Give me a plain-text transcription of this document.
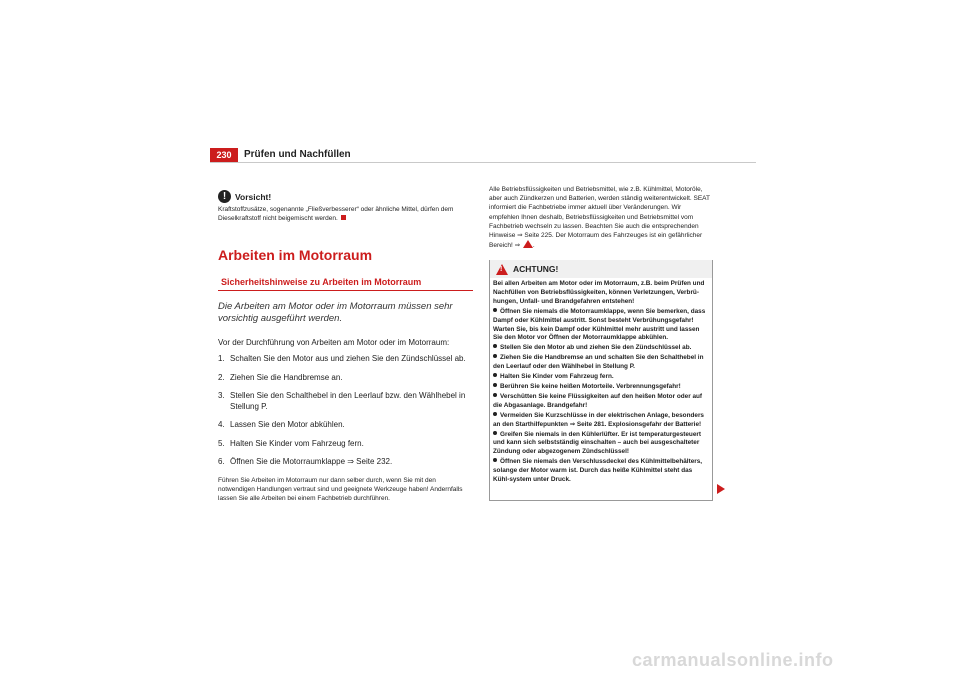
230	Prüfen und Nachfüllen
!	Vorsicht!
Kraftstoffzusätze, sogenannte „Fließverbesserer“ oder ähnliche Mittel, dürfen dem Dieselkraftstoff nicht beigemischt werden.
Arbeiten im Motorraum
Sicherheitshinweise zu Arbeiten im Motorraum
Die Arbeiten am Motor oder im Motorraum müssen sehr vorsichtig ausgeführt werden.
Vor der Durchführung von Arbeiten am Motor oder im Motorraum:
1. Schalten Sie den Motor aus und ziehen Sie den Zündschlüssel ab.
2. Ziehen Sie die Handbremse an.
3. Stellen Sie den Schalthebel in den Leerlauf bzw. den Wählhebel in Stellung P.
4. Lassen Sie den Motor abkühlen.
5. Halten Sie Kinder vom Fahrzeug fern.
6. Öffnen Sie die Motorraumklappe ⇒ Seite 232.
Führen Sie Arbeiten im Motorraum nur dann selber durch, wenn Sie mit den notwendigen Handlungen vertraut sind und geeignete Werkzeuge haben! Andernfalls lassen Sie alle Arbeiten bei einem Fachbetrieb durchführen.

Alle Betriebsflüssigkeiten und Betriebsmittel, wie z.B. Kühlmittel, Motoröle, aber auch Zündkerzen und Batterien, werden ständig weiterentwickelt. SEAT informiert die Fachbetriebe immer aktuell über Veränderungen. Wir empfehlen Ihnen deshalb, Betriebsflüssigkeiten und Betriebsmittel vom Fachbetrieb wechseln zu lassen. Beachten Sie auch die entsprechenden Hinweise ⇒ Seite 225. Der Motorraum des Fahrzeuges ist ein gefährlicher Bereich! ⇒ .

! ACHTUNG!

Bei allen Arbeiten am Motor oder im Motorraum, z.B. beim Prüfen und Nachfüllen von Betriebsflüssigkeiten, können Verletzungen, Verbrü-hungen, Unfall- und Brandgefahren entstehen!

Öffnen Sie niemals die Motorraumklappe, wenn Sie bemerken, dass Dampf oder Kühlmittel austritt. Sonst besteht Verbrühungsgefahr! Warten Sie, bis kein Dampf oder Kühlmittel mehr austritt und lassen Sie den Motor vor Öffnen der Motorraumklappe abkühlen.
Stellen Sie den Motor ab und ziehen Sie den Zündschlüssel ab.
Ziehen Sie die Handbremse an und schalten Sie den Schalthebel in den Leerlauf oder den Wählhebel in Stellung P.
Halten Sie Kinder vom Fahrzeug fern.
Berühren Sie keine heißen Motorteile. Verbrennungsgefahr!
Verschütten Sie keine Flüssigkeiten auf den heißen Motor oder auf die Abgasanlage. Brandgefahr!
Vermeiden Sie Kurzschlüsse in der elektrischen Anlage, besonders an den Starthilfepunkten ⇒ Seite 281. Explosionsgefahr der Batterie!
Greifen Sie niemals in den Kühlerlüfter. Er ist temperaturgesteuert und kann sich selbstständig einschalten – auch bei ausgeschalteter Zündung oder abgezogenem Zündschlüssel!
Öffnen Sie niemals den Verschlussdeckel des Kühlmittelbehälters, solange der Motor warm ist. Durch das heiße Kühlmittel steht das Kühl-system unter Druck.
carmanualsonline.info
